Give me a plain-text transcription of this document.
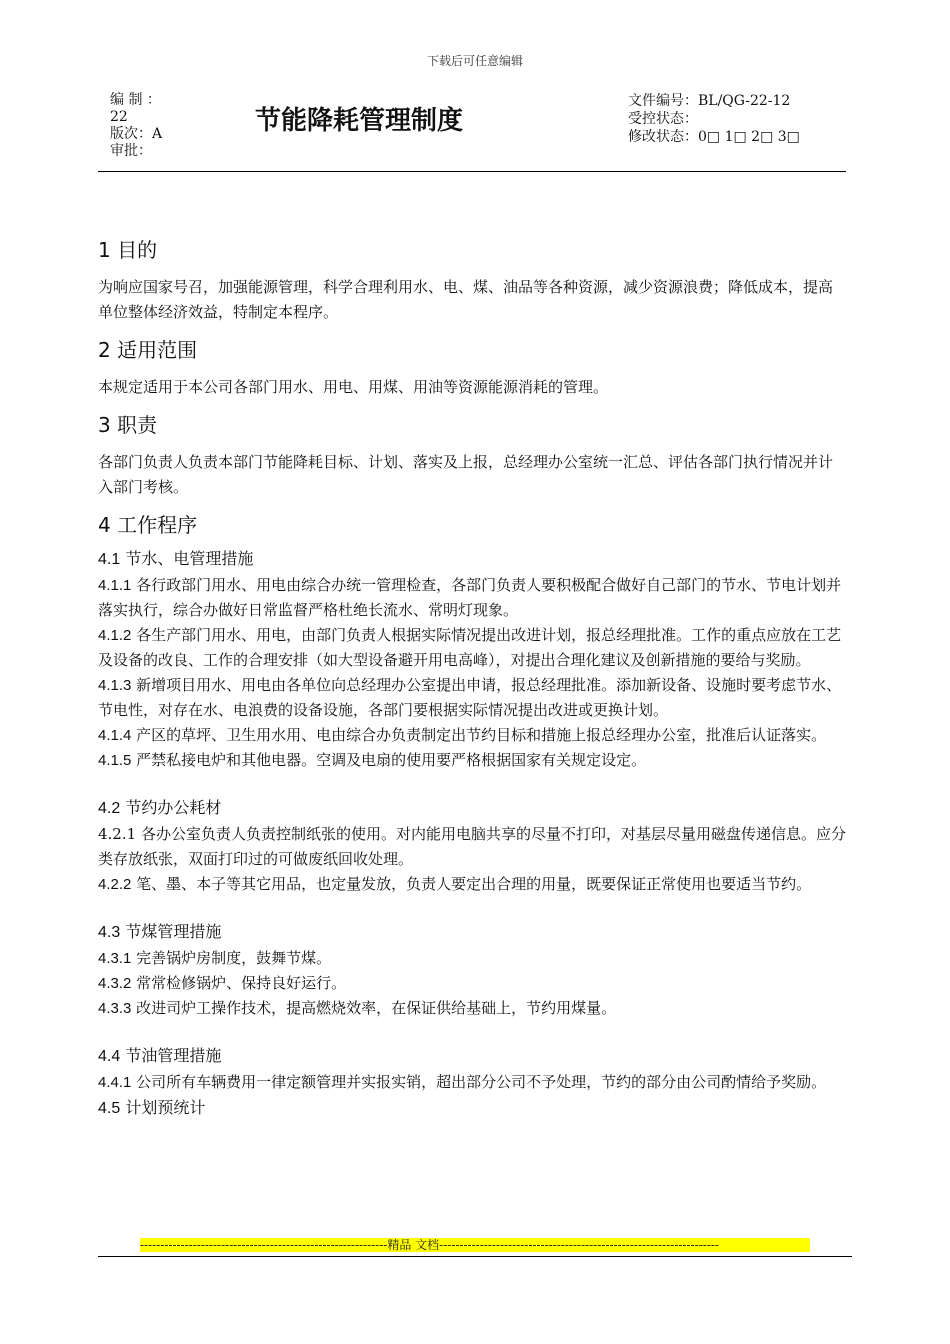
下载后可任意编辑
编 制 ：
22
版次：A
审批：
节能降耗管理制度
文件编号：BL/QG-22-12
受控状态：
修改状态：0□ 1□ 2□ 3□
1 目的

为响应国家号召，加强能源管理，科学合理利用水、电、煤、油品等各种资源，减少资源浪费；降低成本，提高单位整体经济效益，特制定本程序。

2 适用范围

本规定适用于本公司各部门用水、用电、用煤、用油等资源能源消耗的管理。

3 职责

各部门负责人负责本部门节能降耗目标、计划、落实及上报，总经理办公室统一汇总、评估各部门执行情况并计入部门考核。

4 工作程序
4.1 节水、电管理措施

4.1.1 各行政部门用水、用电由综合办统一管理检查，各部门负责人要积极配合做好自己部门的节水、节电计划并落实执行，综合办做好日常监督严格杜绝长流水、常明灯现象。

4.1.2 各生产部门用水、用电，由部门负责人根据实际情况提出改进计划，报总经理批准。工作的重点应放在工艺及设备的改良、工作的合理安排（如大型设备避开用电高峰），对提出合理化建议及创新措施的要给与奖励。

4.1.3 新增项目用水、用电由各单位向总经理办公室提出申请，报总经理批准。添加新设备、设施时要考虑节水、节电性，对存在水、电浪费的设备设施，各部门要根据实际情况提出改进或更换计划。

4.1.4 产区的草坪、卫生用水用、电由综合办负责制定出节约目标和措施上报总经理办公室，批准后认证落实。

4.1.5 严禁私接电炉和其他电器。空调及电扇的使用要严格根据国家有关规定设定。

4.2 节约办公耗材

4.2.1 各办公室负责人负责控制纸张的使用。对内能用电脑共享的尽量不打印，对基层尽量用磁盘传递信息。应分类存放纸张，双面打印过的可做废纸回收处理。

4.2.2 笔、墨、本子等其它用品，也定量发放，负责人要定出合理的用量，既要保证正常使用也要适当节约。

4.3 节煤管理措施

4.3.1 完善锅炉房制度，鼓舞节煤。

4.3.2 常常检修锅炉、保持良好运行。

4.3.3 改进司炉工操作技术，提高燃烧效率，在保证供给基础上，节约用煤量。

4.4 节油管理措施

4.4.1 公司所有车辆费用一律定额管理并实报实销，超出部分公司不予处理，节约的部分由公司酌情给予奖励。

4.5 计划预统计
-------------------------------------------------------------精品 文档---------------------------------------------------------------------
